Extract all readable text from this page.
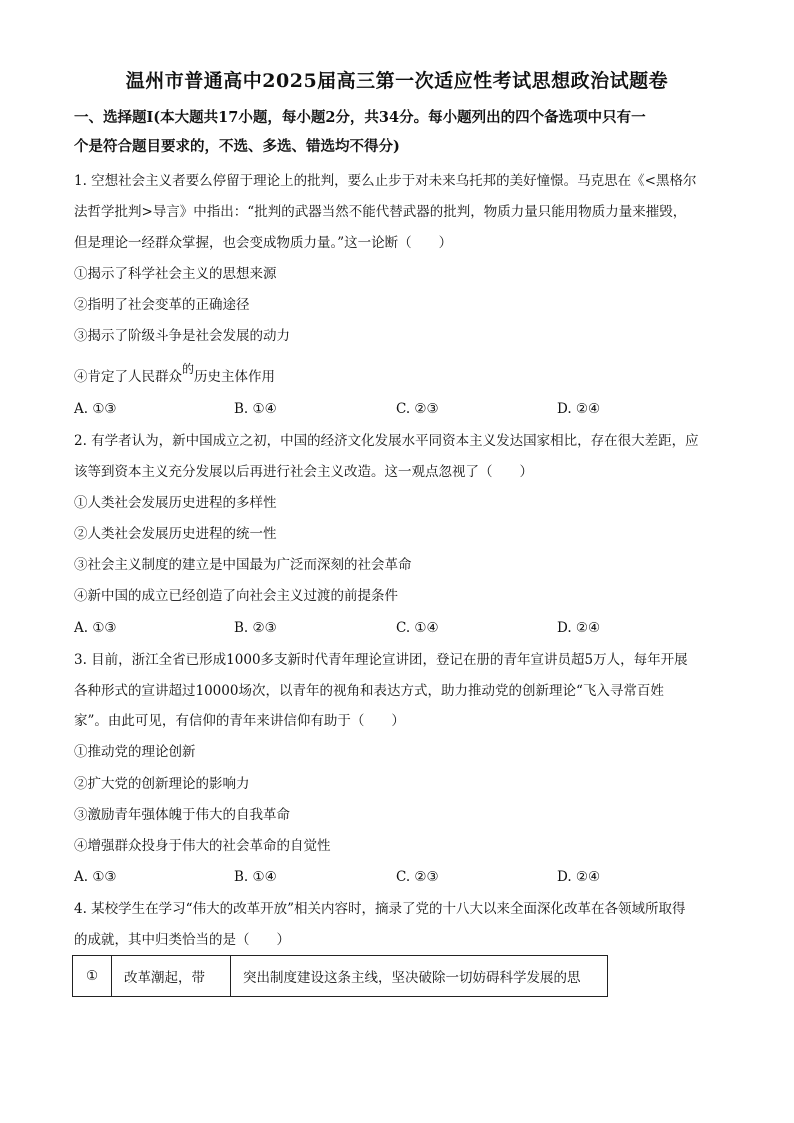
温州市普通高中2025届高三第一次适应性考试思想政治试题卷
一、选择题Ⅰ(本大题共17小题，每小题2分，共34分。每小题列出的四个备选项中只有一
个是符合题目要求的，不选、多选、错选均不得分)
1. 空想社会主义者要么停留于理论上的批判，要么止步于对未来乌托邦的美好憧憬。马克思在《<黑格尔
法哲学批判>导言》中指出：“批判的武器当然不能代替武器的批判，物质力量只能用物质力量来摧毁，
但是理论一经群众掌握，也会变成物质力量。”这一论断（　　）
①揭示了科学社会主义的思想来源
②指明了社会变革的正确途径
③揭示了阶级斗争是社会发展的动力
④肯定了人民群众的历史主体作用
A. ①③	B. ①④	C. ②③	D. ②④
2. 有学者认为，新中国成立之初，中国的经济文化发展水平同资本主义发达国家相比，存在很大差距，应
该等到资本主义充分发展以后再进行社会主义改造。这一观点忽视了（　　）
①人类社会发展历史进程的多样性
②人类社会发展历史进程的统一性
③社会主义制度的建立是中国最为广泛而深刻的社会革命
④新中国的成立已经创造了向社会主义过渡的前提条件
A. ①③	B. ②③	C. ①④	D. ②④
3. 目前，浙江全省已形成1000多支新时代青年理论宣讲团，登记在册的青年宣讲员超5万人，每年开展
各种形式的宣讲超过10000场次，以青年的视角和表达方式，助力推动党的创新理论“飞入寻常百姓
家”。由此可见，有信仰的青年来讲信仰有助于（　　）
①推动党的理论创新
②扩大党的创新理论的影响力
③激励青年强体魄于伟大的自我革命
④增强群众投身于伟大的社会革命的自觉性
A. ①③	B. ①④	C. ②③	D. ②④
4. 某校学生在学习“伟大的改革开放”相关内容时，摘录了党的十八大以来全面深化改革在各领域所取得
的成就，其中归类恰当的是（　　）
①	改革潮起，带	突出制度建设这条主线，坚决破除一切妨碍科学发展的思
